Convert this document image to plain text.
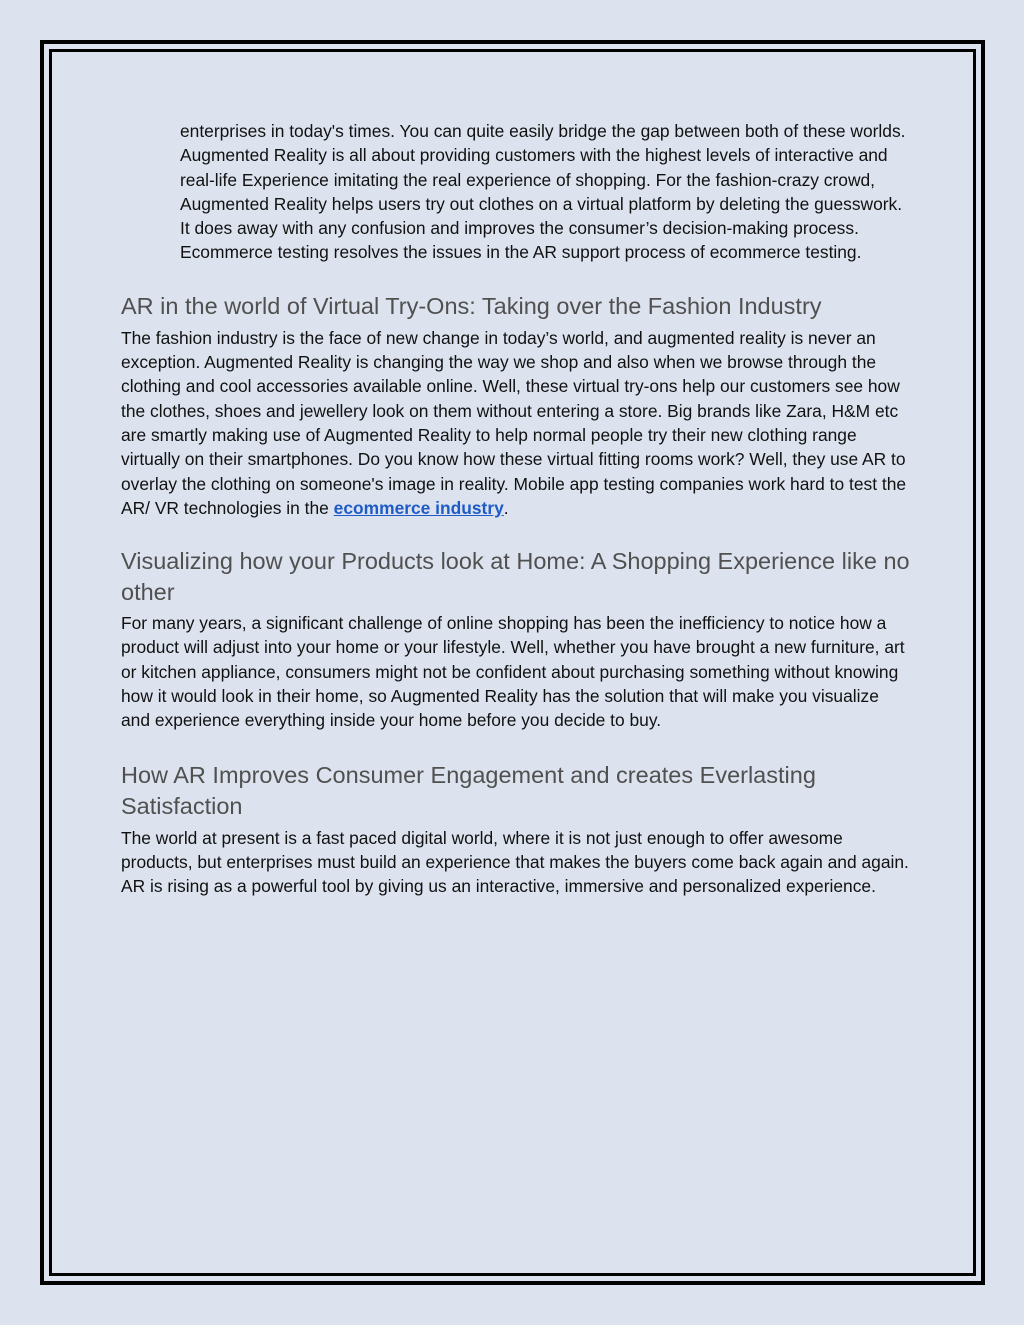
enterprises in today's times. You can quite easily bridge the gap between both of these worlds. Augmented Reality is all about providing customers with the highest levels of interactive and real-life Experience imitating the real experience of shopping. For the fashion-crazy crowd, Augmented Reality helps users try out clothes on a virtual platform by deleting the guesswork. It does away with any confusion and improves the consumer’s decision-making process. Ecommerce testing resolves the issues in the AR support process of ecommerce testing.

AR in the world of Virtual Try-Ons: Taking over the Fashion Industry

The fashion industry is the face of new change in today’s world, and augmented reality is never an exception. Augmented Reality is changing the way we shop and also when we browse through the clothing and cool accessories available online. Well, these virtual try-ons help our customers see how the clothes, shoes and jewellery look on them without entering a store. Big brands like Zara, H&M etc are smartly making use of Augmented Reality to help normal people try their new clothing range virtually on their smartphones. Do you know how these virtual fitting rooms work? Well, they use AR to overlay the clothing on someone's image in reality. Mobile app testing companies work hard to test the AR/ VR technologies in the ecommerce industry.

Visualizing how your Products look at Home: A Shopping Experience like no other

For many years, a significant challenge of online shopping has been the inefficiency to notice how a product will adjust into your home or your lifestyle. Well, whether you have brought a new furniture, art or kitchen appliance, consumers might not be confident about purchasing something without knowing how it would look in their home, so Augmented Reality has the solution that will make you visualize and experience everything inside your home before you decide to buy.

How AR Improves Consumer Engagement and creates Everlasting Satisfaction

The world at present is a fast paced digital world, where it is not just enough to offer awesome products, but enterprises must build an experience that makes the buyers come back again and again. AR is rising as a powerful tool by giving us an interactive, immersive and personalized experience.
